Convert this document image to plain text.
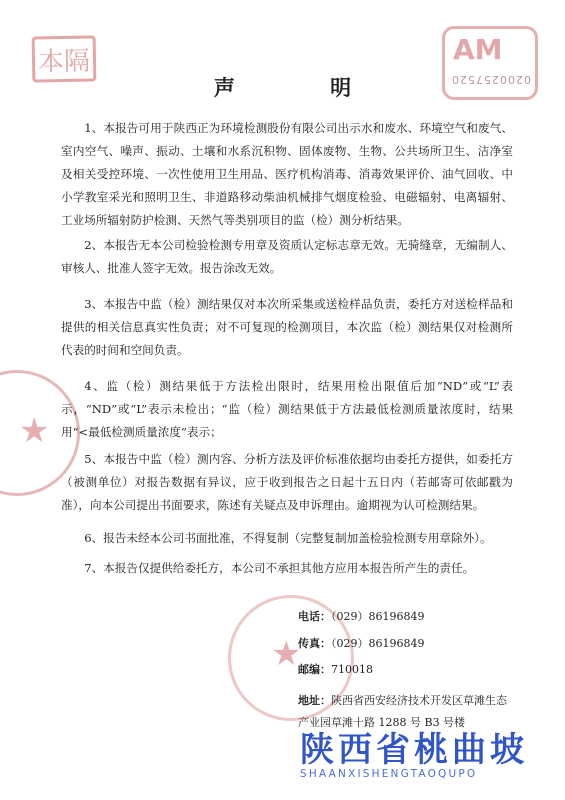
本隔	AM
0200257520
★
★
声 明

1、本报告可用于陕西正为环境检测股份有限公司出示水和废水、环境空气和废气、室内空气、噪声、振动、土壤和水系沉积物、固体废物、生物、公共场所卫生、洁净室及相关受控环境、一次性使用卫生用品、医疗机构消毒、消毒效果评价、油气回收、中小学教室采光和照明卫生、非道路移动柴油机械排气烟度检验、电磁辐射、电离辐射、工业场所辐射防护检测、天然气等类别项目的监（检）测分析结果。

2、本报告无本公司检验检测专用章及资质认定标志章无效。无骑缝章，无编制人、审核人、批准人签字无效。报告涂改无效。

3、本报告中监（检）测结果仅对本次所采集或送检样品负责，委托方对送检样品和提供的相关信息真实性负责；对不可复现的检测项目，本次监（检）测结果仅对检测所代表的时间和空间负责。

4、监（检）测结果低于方法检出限时，结果用检出限值后加“ND”或“L”表示，“ND”或“L”表示未检出；“监（检）测结果低于方法最低检测质量浓度时，结果用“<最低检测质量浓度”表示；

5、本报告中监（检）测内容、分析方法及评价标准依据均由委托方提供，如委托方（被测单位）对报告数据有异议，应于收到报告之日起十五日内（若邮寄可依邮戳为准），向本公司提出书面要求，陈述有关疑点及申诉理由。逾期视为认可检测结果。

6、报告未经本公司书面批准，不得复制（完整复制加盖检验检测专用章除外）。

7、本报告仅提供给委托方，本公司不承担其他方应用本报告所产生的责任。

电话：（029）86196849
传真：（029）86196849
邮编：710018
地址：陕西省西安经济技术开发区草滩生态产业园草滩十路 1288 号 B3 号楼
陕西省桃曲坡
SHAANXISHENGTAOQUPO
